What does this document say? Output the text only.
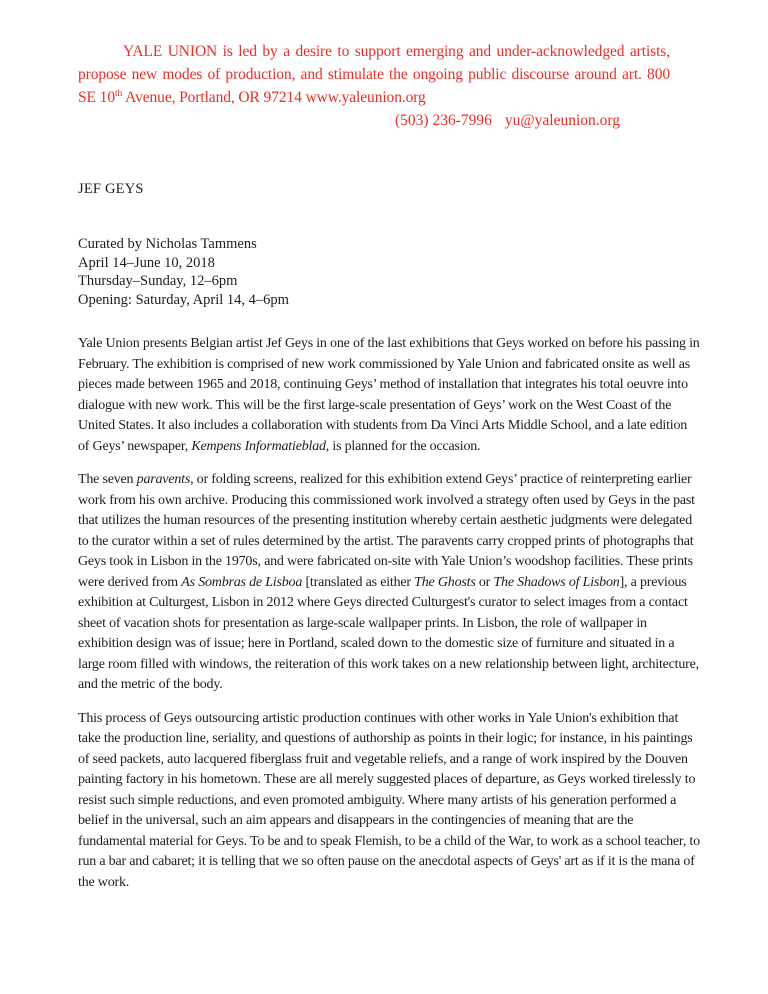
YALE UNION is led by a desire to support emerging and under-acknowledged artists, propose new modes of production, and stimulate the ongoing public discourse around art. 800 SE 10th Avenue, Portland, OR 97214 www.yaleunion.org

(503) 236-7996 yu@yaleunion.org

JEF GEYS

Curated by Nicholas Tammens

April 14–June 10, 2018

Thursday–Sunday, 12–6pm

Opening: Saturday, April 14, 4–6pm

Yale Union presents Belgian artist Jef Geys in one of the last exhibitions that Geys worked on before his passing in February. The exhibition is comprised of new work commissioned by Yale Union and fabricated onsite as well as pieces made between 1965 and 2018, continuing Geys’ method of installation that integrates his total oeuvre into dialogue with new work. This will be the first large-scale presentation of Geys’ work on the West Coast of the United States. It also includes a collaboration with students from Da Vinci Arts Middle School, and a late edition of Geys’ newspaper, Kempens Informatieblad, is planned for the occasion.

The seven paravents, or folding screens, realized for this exhibition extend Geys’ practice of reinterpreting earlier work from his own archive. Producing this commissioned work involved a strategy often used by Geys in the past that utilizes the human resources of the presenting institution whereby certain aesthetic judgments were delegated to the curator within a set of rules determined by the artist. The paravents carry cropped prints of photographs that Geys took in Lisbon in the 1970s, and were fabricated on-site with Yale Union’s woodshop facilities. These prints were derived from As Sombras de Lisboa [translated as either The Ghosts or The Shadows of Lisbon], a previous exhibition at Culturgest, Lisbon in 2012 where Geys directed Culturgest's curator to select images from a contact sheet of vacation shots for presentation as large-scale wallpaper prints. In Lisbon, the role of wallpaper in exhibition design was of issue; here in Portland, scaled down to the domestic size of furniture and situated in a large room filled with windows, the reiteration of this work takes on a new relationship between light, architecture, and the metric of the body.

This process of Geys outsourcing artistic production continues with other works in Yale Union's exhibition that take the production line, seriality, and questions of authorship as points in their logic; for instance, in his paintings of seed packets, auto lacquered fiberglass fruit and vegetable reliefs, and a range of work inspired by the Douven painting factory in his hometown. These are all merely suggested places of departure, as Geys worked tirelessly to resist such simple reductions, and even promoted ambiguity. Where many artists of his generation performed a belief in the universal, such an aim appears and disappears in the contingencies of meaning that are the fundamental material for Geys. To be and to speak Flemish, to be a child of the War, to work as a school teacher, to run a bar and cabaret; it is telling that we so often pause on the anecdotal aspects of Geys' art as if it is the mana of the work.
